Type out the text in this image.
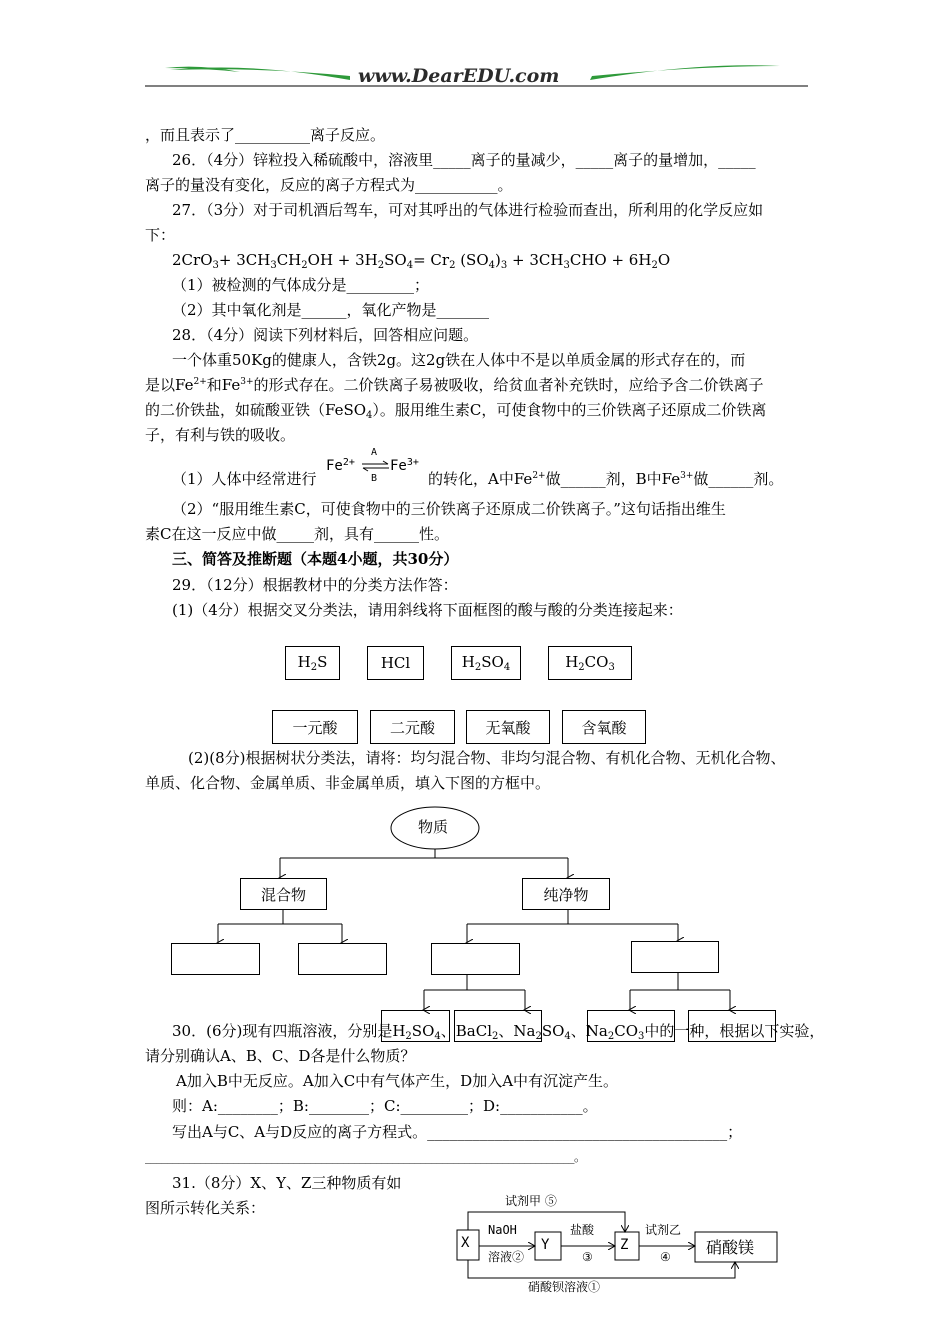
www.DearEDU.com
，而且表示了__________离子反应。
26．（4分）锌粒投入稀硫酸中，溶液里_____离子的量减少，_____离子的量增加，_____
离子的量没有变化，反应的离子方程式为___________。
27．（3分）对于司机酒后驾车，可对其呼出的气体进行检验而查出，所利用的化学反应如
下：
$2CrO_3+ 3CH_3CH_2OH + 3H_2SO_4= Cr_2$ $(SO_4)_3 + 3CH_3CHO + 6H_2O$
（1）被检测的气体成分是_________；
（2）其中氧化剂是______，氧化产物是_______
28．（4分）阅读下列材料后，回答相应问题。
一个体重50Kg的健康人，含铁2g。这2g铁在人体中不是以单质金属的形式存在的，而
是以$Fe^{2+}$和$Fe^{3+}$的形式存在。二价铁离子易被吸收，给贫血者补充铁时，应给予含二价铁离子
的二价铁盐，如硫酸亚铁（FeSO$_4$）。服用维生素C，可使食物中的三价铁离子还原成二价铁离
子，有利与铁的吸收。
（1）人体中经常进行
$Fe^{2+}$
A
B
$Fe^{3+}$
的转化，A中$Fe^{2+}$做______剂，B中$Fe^{3+}$做______剂。
（2）“服用维生素C，可使食物中的三价铁离子还原成二价铁离子。”这句话指出维生
素C在这一反应中做_____剂，具有______性。
三、简答及推断题（本题4小题，共30分）
29．（12分）根据教材中的分类方法作答：
(1)（4分）根据交叉分类法，请用斜线将下面框图的酸与酸的分类连接起来：
$H_2S$	HCl	$H_2SO_4$	$H_2CO_3$
一元酸	二元酸	无氧酸	含氧酸
(2)(8分)根据树状分类法，请将：均匀混合物、非均匀混合物、有机化合物、无机化合物、
单质、化合物、金属单质、非金属单质，填入下图的方框中。
物质
混合物	纯净物
30．(6分)现有四瓶溶液，分别是$H_2SO_4$、BaCl$_2$、$Na_2SO_4$、$Na_2CO_3$中的一种，根据以下实验，
请分别确认A、B、C、D各是什么物质？
A加入B中无反应。A加入C中有气体产生，D加入A中有沉淀产生。
则：A:________；B:________；C:_________；D:___________。
写出A与C、A与D反应的离子方程式。________________________________________；
______________________________________________________________________________。
31.（8分）X、Y、Z三种物质有如
图所示转化关系：
X	Y	Z	硝酸镁
NaOH
溶液②
盐酸
③
试剂乙
④
试剂甲 ⑤
硝酸钡溶液①
